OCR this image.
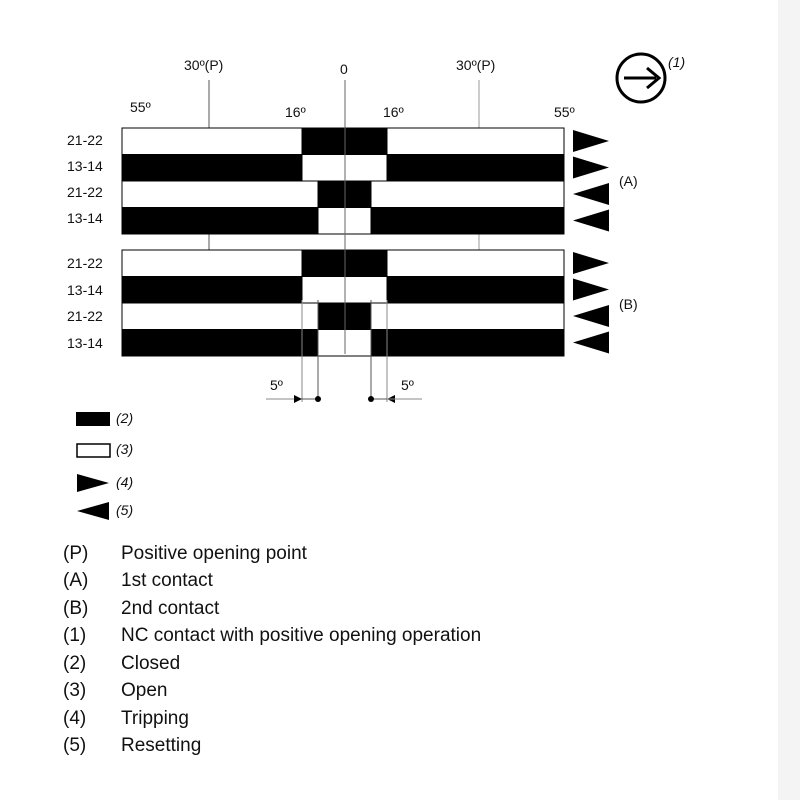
55º
30º(P)
16º
0
16º
30º(P)
55º
(1)
21-22
13-14
21-22
13-14
21-22
13-14
21-22
13-14
(A)
(B)
5º	5º
(2)
(3)
(4)
(5)
(P)	Positive opening point
(A)	1st contact
(B)	2nd contact
(1)	NC contact with positive opening operation
(2)	Closed
(3)	Open
(4)	Tripping
(5)	Resetting
